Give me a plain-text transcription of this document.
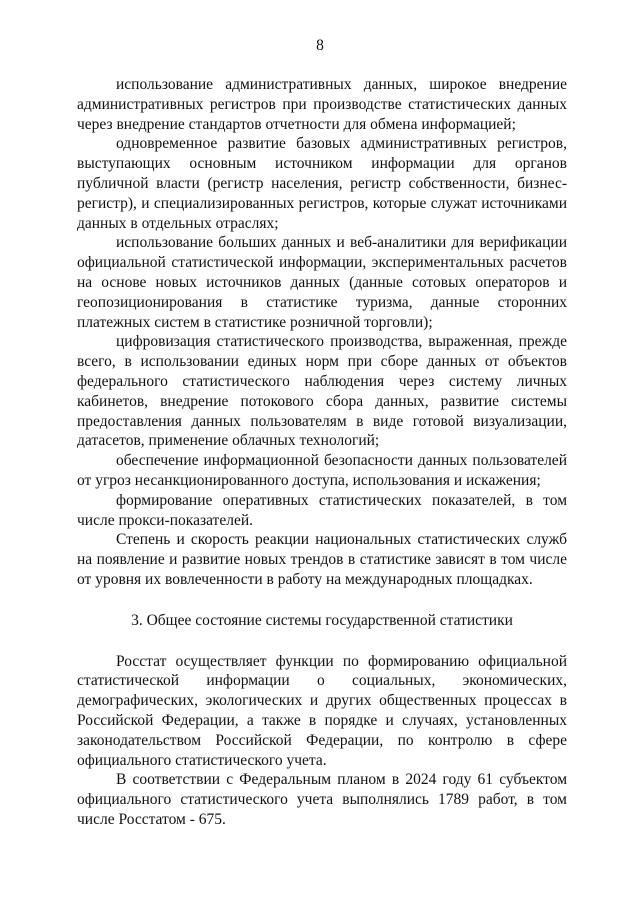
8

использование административных данных, широкое внедрение административных регистров при производстве статистических данных через внедрение стандартов отчетности для обмена информацией;

одновременное развитие базовых административных регистров, выступающих основным источником информации для органов публичной власти (регистр населения, регистр собственности, бизнес-регистр), и специализированных регистров, которые служат источниками данных в отдельных отраслях;

использование больших данных и веб-аналитики для верификации официальной статистической информации, экспериментальных расчетов на основе новых источников данных (данные сотовых операторов и геопозиционирования в статистике туризма, данные сторонних платежных систем в статистике розничной торговли);

цифровизация статистического производства, выраженная, прежде всего, в использовании единых норм при сборе данных от объектов федерального статистического наблюдения через систему личных кабинетов, внедрение потокового сбора данных, развитие системы предоставления данных пользователям в виде готовой визуализации, датасетов, применение облачных технологий;

обеспечение информационной безопасности данных пользователей от угроз несанкционированного доступа, использования и искажения;

формирование оперативных статистических показателей, в том числе прокси-показателей.

Степень и скорость реакции национальных статистических служб на появление и развитие новых трендов в статистике зависят в том числе от уровня их вовлеченности в работу на международных площадках.

3. Общее состояние системы государственной статистики

Росстат осуществляет функции по формированию официальной статистической информации о социальных, экономических, демографических, экологических и других общественных процессах в Российской Федерации, а также в порядке и случаях, установленных законодательством Российской Федерации, по контролю в сфере официального статистического учета.

В соответствии с Федеральным планом в 2024 году 61 субъектом официального статистического учета выполнялись 1789 работ, в том числе Росстатом - 675.
